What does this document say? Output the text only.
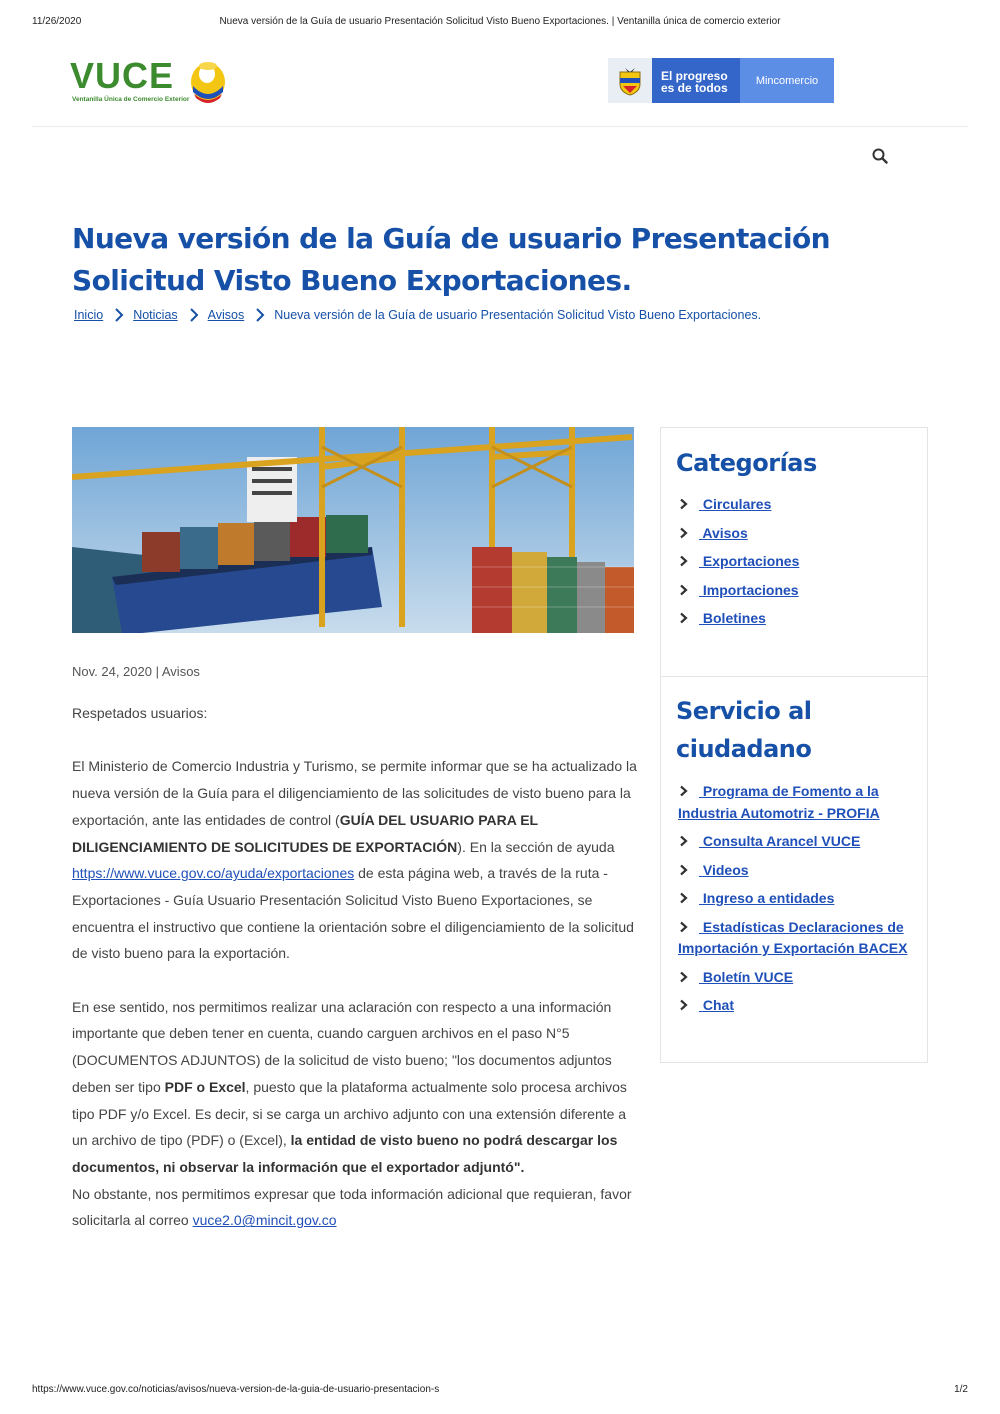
11/26/2020	Nueva versión de la Guía de usuario Presentación Solicitud Visto Bueno Exportaciones. | Ventanilla única de comercio exterior
VUCE
Ventanilla Única de Comercio Exterior
El progreso es de todos
Mincomercio
Nueva versión de la Guía de usuario Presentación Solicitud Visto Bueno Exportaciones.
Inicio Noticias Avisos Nueva versión de la Guía de usuario Presentación Solicitud Visto Bueno Exportaciones.
Nov. 24, 2020 | Avisos

Respetados usuarios:

El Ministerio de Comercio Industria y Turismo, se permite informar que se ha actualizado la nueva versión de la Guía para el diligenciamiento de las solicitudes de visto bueno para la exportación, ante las entidades de control (GUÍA DEL USUARIO PARA EL DILIGENCIAMIENTO DE SOLICITUDES DE EXPORTACIÓN). En la sección de ayuda https://www.vuce.gov.co/ayuda/exportaciones de esta página web, a través de la ruta - Exportaciones - Guía Usuario Presentación Solicitud Visto Bueno Exportaciones, se encuentra el instructivo que contiene la orientación sobre el diligenciamiento de la solicitud de visto bueno para la exportación.

En ese sentido, nos permitimos realizar una aclaración con respecto a una información importante que deben tener en cuenta, cuando carguen archivos en el paso N°5 (DOCUMENTOS ADJUNTOS) de la solicitud de visto bueno; "los documentos adjuntos deben ser tipo PDF o Excel, puesto que la plataforma actualmente solo procesa archivos tipo PDF y/o Excel. Es decir, si se carga un archivo adjunto con una extensión diferente a un archivo de tipo (PDF) o (Excel), la entidad de visto bueno no podrá descargar los documentos, ni observar la información que el exportador adjuntó".

No obstante, nos permitimos expresar que toda información adicional que requieran, favor solicitarla al correo vuce2.0@mincit.gov.co

Categorías
Circulares
Avisos
Exportaciones
Importaciones
Boletines
Servicio al ciudadano
Programa de Fomento a la Industria Automotriz - PROFIA
Consulta Arancel VUCE
Videos
Ingreso a entidades
Estadísticas Declaraciones de Importación y Exportación BACEX
Boletín VUCE
Chat
https://www.vuce.gov.co/noticias/avisos/nueva-version-de-la-guia-de-usuario-presentacion-s	1/2
